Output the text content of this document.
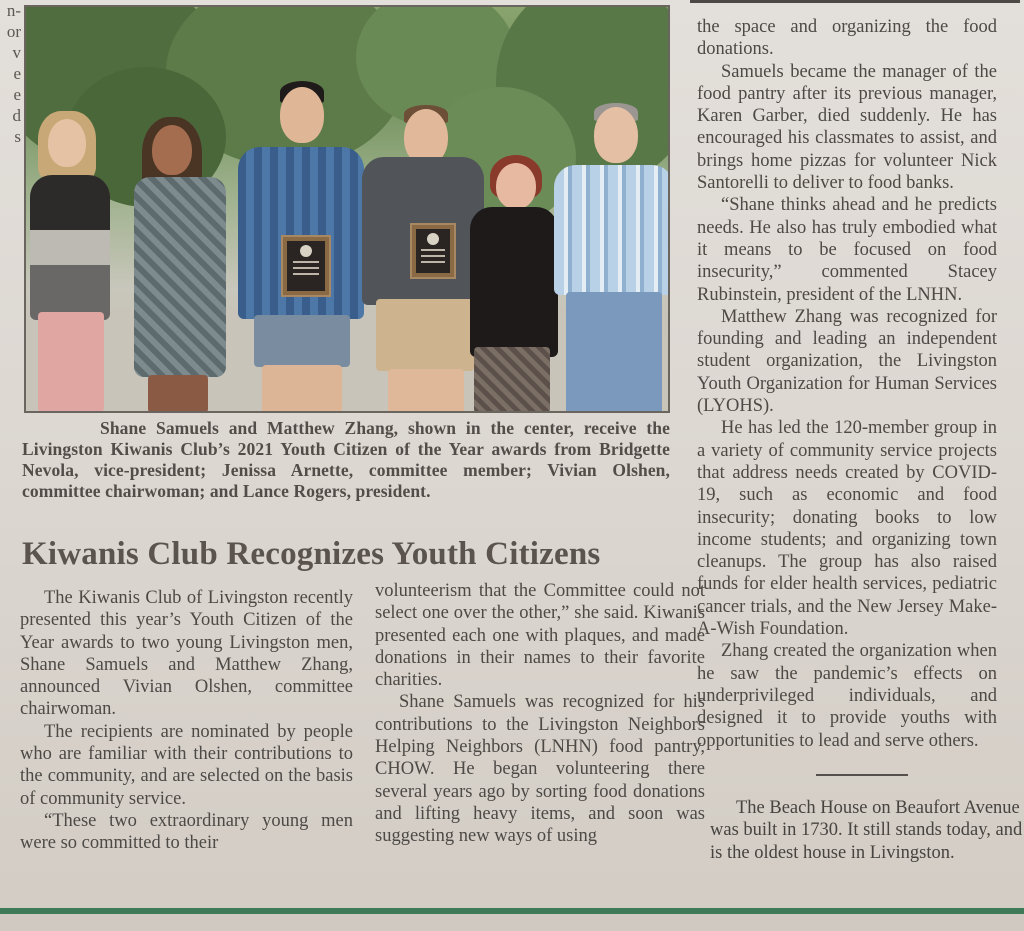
n-
or
v
e
e
d
s
Shane Samuels and Matthew Zhang, shown in the center, receive the Livingston Kiwanis Club’s 2021 Youth Citizen of the Year awards from Bridgette Nevola, vice-president; Jenissa Arnette, committee member; Vivian Olshen, committee chairwoman; and Lance Rogers, president.
Kiwanis Club Recognizes Youth Citizens

The Kiwanis Club of Livingston recently presented this year’s Youth Citizen of the Year awards to two young Livingston men, Shane Samuels and Matthew Zhang, announced Vivian Olshen, committee chairwoman.

The recipients are nominated by people who are familiar with their contributions to the community, and are selected on the basis of community service.

“These two extraordinary young men were so committed to their

volunteerism that the Committee could not select one over the other,” she said. Kiwanis presented each one with plaques, and made donations in their names to their favorite charities.

Shane Samuels was recognized for his contributions to the Livingston Neighbors Helping Neighbors (LNHN) food pantry, CHOW. He began volunteering there several years ago by sorting food donations and lifting heavy items, and soon was suggesting new ways of using

the space and organizing the food donations.

Samuels became the manager of the food pantry after its previous manager, Karen Garber, died suddenly. He has encouraged his classmates to assist, and brings home pizzas for volunteer Nick Santorelli to deliver to food banks.

“Shane thinks ahead and he predicts needs. He also has truly embodied what it means to be focused on food insecurity,” commented Stacey Rubinstein, president of the LNHN.

Matthew Zhang was recognized for founding and leading an independent student organization, the Livingston Youth Organization for Human Services (LYOHS).

He has led the 120-member group in a variety of community service projects that address needs created by COVID-19, such as economic and food insecurity; donating books to low income students; and organizing town cleanups. The group has also raised funds for elder health services, pediatric cancer trials, and the New Jersey Make-A-Wish Foundation.

Zhang created the organization when he saw the pandemic’s effects on underprivileged individuals, and designed it to provide youths with opportunities to lead and serve others.

The Beach House on Beaufort Avenue was built in 1730. It still stands today, and is the oldest house in Livingston.
